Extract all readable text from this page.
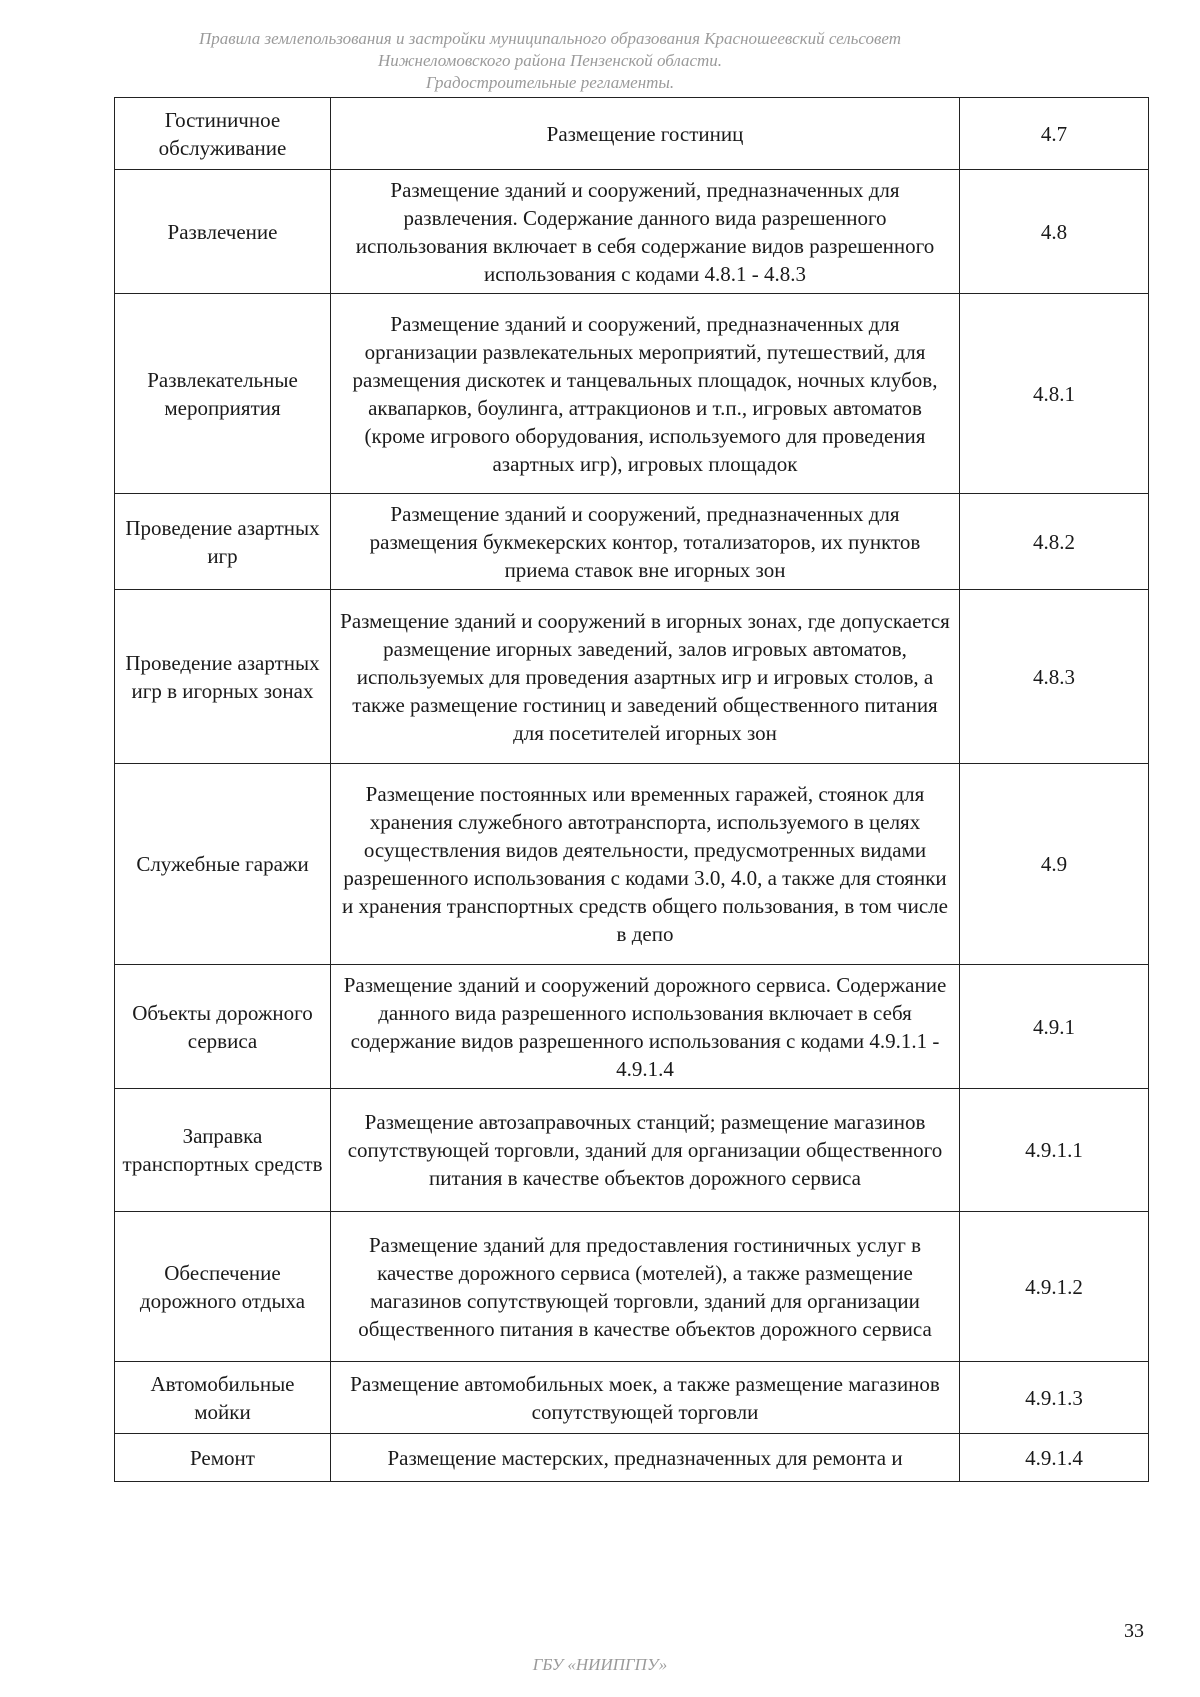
Правила землепользования и застройки муниципального образования Красношеевский сельсовет
Нижнеломовского района Пензенской области.
Градостроительные регламенты.
Гостиничное обслуживание	Размещение гостиниц	4.7
Развлечение	Размещение зданий и сооружений, предназначенных для развлечения. Содержание данного вида разрешенного использования включает в себя содержание видов разрешенного использования с кодами 4.8.1 - 4.8.3	4.8
Развлекательные мероприятия	Размещение зданий и сооружений, предназначенных для организации развлекательных мероприятий, путешествий, для размещения дискотек и танцевальных площадок, ночных клубов, аквапарков, боулинга, аттракционов и т.п., игровых автоматов (кроме игрового оборудования, используемого для проведения азартных игр), игровых площадок	4.8.1
Проведение азартных игр	Размещение зданий и сооружений, предназначенных для размещения букмекерских контор, тотализаторов, их пунктов приема ставок вне игорных зон	4.8.2
Проведение азартных игр в игорных зонах	Размещение зданий и сооружений в игорных зонах, где допускается размещение игорных заведений, залов игровых автоматов, используемых для проведения азартных игр и игровых столов, а также размещение гостиниц и заведений общественного питания для посетителей игорных зон	4.8.3
Служебные гаражи	Размещение постоянных или временных гаражей, стоянок для хранения служебного автотранспорта, используемого в целях осуществления видов деятельности, предусмотренных видами разрешенного использования с кодами 3.0, 4.0, а также для стоянки и хранения транспортных средств общего пользования, в том числе в депо	4.9
Объекты дорожного сервиса	Размещение зданий и сооружений дорожного сервиса. Содержание данного вида разрешенного использования включает в себя содержание видов разрешенного использования с кодами 4.9.1.1 - 4.9.1.4	4.9.1
Заправка транспортных средств	Размещение автозаправочных станций; размещение магазинов сопутствующей торговли, зданий для организации общественного питания в качестве объектов дорожного сервиса	4.9.1.1
Обеспечение дорожного отдыха	Размещение зданий для предоставления гостиничных услуг в качестве дорожного сервиса (мотелей), а также размещение магазинов сопутствующей торговли, зданий для организации общественного питания в качестве объектов дорожного сервиса	4.9.1.2
Автомобильные мойки	Размещение автомобильных моек, а также размещение магазинов сопутствующей торговли	4.9.1.3
Ремонт	Размещение мастерских, предназначенных для ремонта и	4.9.1.4
33
ГБУ «НИИПГПУ»
